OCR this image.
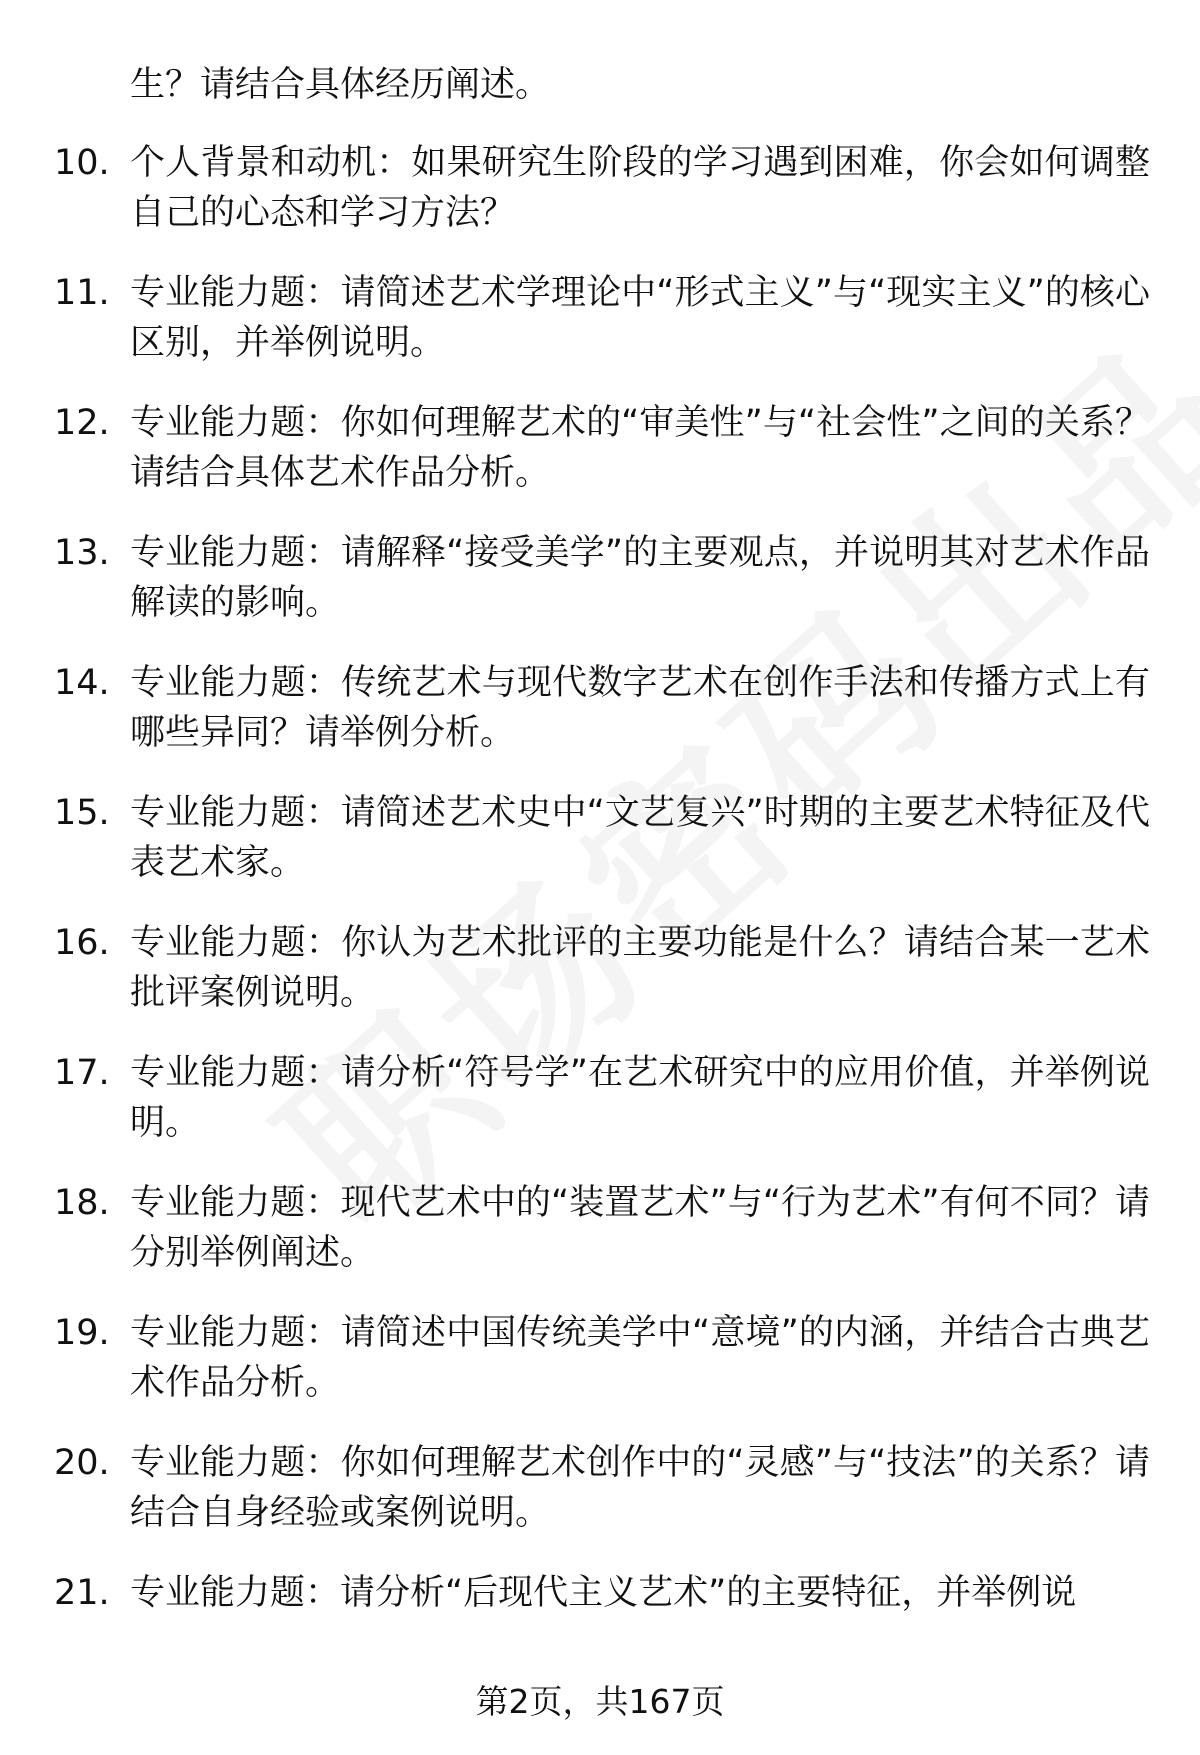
生？请结合具体经历阐述。

10. 个人背景和动机：如果研究生阶段的学习遇到困难，你会如何调整自己的心态和学习方法？

11. 专业能力题：请简述艺术学理论中“形式主义”与“现实主义”的核心区别，并举例说明。

12. 专业能力题：你如何理解艺术的“审美性”与“社会性”之间的关系？请结合具体艺术作品分析。

13. 专业能力题：请解释“接受美学”的主要观点，并说明其对艺术作品解读的影响。

14. 专业能力题：传统艺术与现代数字艺术在创作手法和传播方式上有哪些异同？请举例分析。

15. 专业能力题：请简述艺术史中“文艺复兴”时期的主要艺术特征及代表艺术家。

16. 专业能力题：你认为艺术批评的主要功能是什么？请结合某一艺术批评案例说明。

17. 专业能力题：请分析“符号学”在艺术研究中的应用价值，并举例说明。

18. 专业能力题：现代艺术中的“装置艺术”与“行为艺术”有何不同？请分别举例阐述。

19. 专业能力题：请简述中国传统美学中“意境”的内涵，并结合古典艺术作品分析。

20. 专业能力题：你如何理解艺术创作中的“灵感”与“技法”的关系？请结合自身经验或案例说明。

21. 专业能力题：请分析“后现代主义艺术”的主要特征，并举例说

第2页，共167页
